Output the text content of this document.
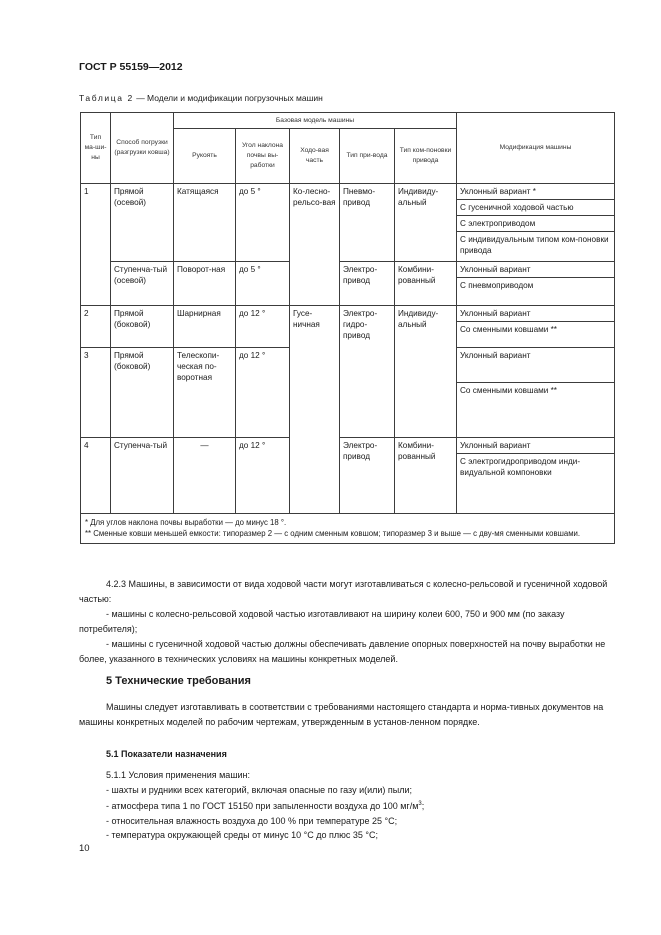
ГОСТ Р 55159—2012
Таблица 2 — Модели и модификации погрузочных машин
Тип ма-ши-ны	Способ погрузки (разгрузки ковша)	Базовая модель машины					Модификация машины
		Рукоять	Угол наклона почвы вы-работки	Ходо-вая часть	Тип при-вода	Тип ком-поновки привода	
1	Прямой (осевой)	Катящаяся	до 5 °	Ко-лесно-рельсо-вая	Пневмо-привод	Индивиду-альный	Уклонный вариант *
С гусеничной ходовой частью
С электроприводом
С индивидуальным типом ком-поновки привода

	Ступенча-тый (осевой)	Поворот-ная	до 5 °		Электро-привод	Комбини-рованный	Уклонный вариант
С пневмоприводом

2	Прямой (боковой)	Шарнирная	до 12 °	Гусе-ничная	Электро-гидро-привод	Индивиду-альный	Уклонный вариант
Со сменными ковшами **

3	Прямой (боковой)	Телескопи-ческая по-воротная	до 12 °				Уклонный вариант
Со сменными ковшами **

4	Ступенча-тый	—	до 12 °		Электро-привод	Комбини-рованный	Уклонный вариант
С электрогидроприводом инди-видуальной компоновки

* Для углов наклона почвы выработки — до минус 18 °.
** Сменные ковши меньшей емкости: типоразмер 2 — с одним сменным ковшом; типоразмер 3 и выше — с дву-мя сменными ковшами.							
4.2.3 Машины, в зависимости от вида ходовой части могут изготавливаться с колесно-рельсовой и гусеничной ходовой частью:
- машины с колесно-рельсовой ходовой частью изготавливают на ширину колеи 600, 750 и 900 мм (по заказу потребителя);
- машины с гусеничной ходовой частью должны обеспечивать давление опорных поверхностей на почву выработки не более, указанного в технических условиях на машины конкретных моделей.
5 Технические требования
Машины следует изготавливать в соответствии с требованиями настоящего стандарта и норма-тивных документов на машины конкретных моделей по рабочим чертежам, утвержденным в установ-ленном порядке.
5.1 Показатели назначения
5.1.1 Условия применения машин:
- шахты и рудники всех категорий, включая опасные по газу и(или) пыли;
- атмосфера типа 1 по ГОСТ 15150 при запыленности воздуха до 100 $мг/м^3$;
- относительная влажность воздуха до 100 % при температуре 25 °С;
- температура окружающей среды от минус 10 °С до плюс 35 °С;
10
